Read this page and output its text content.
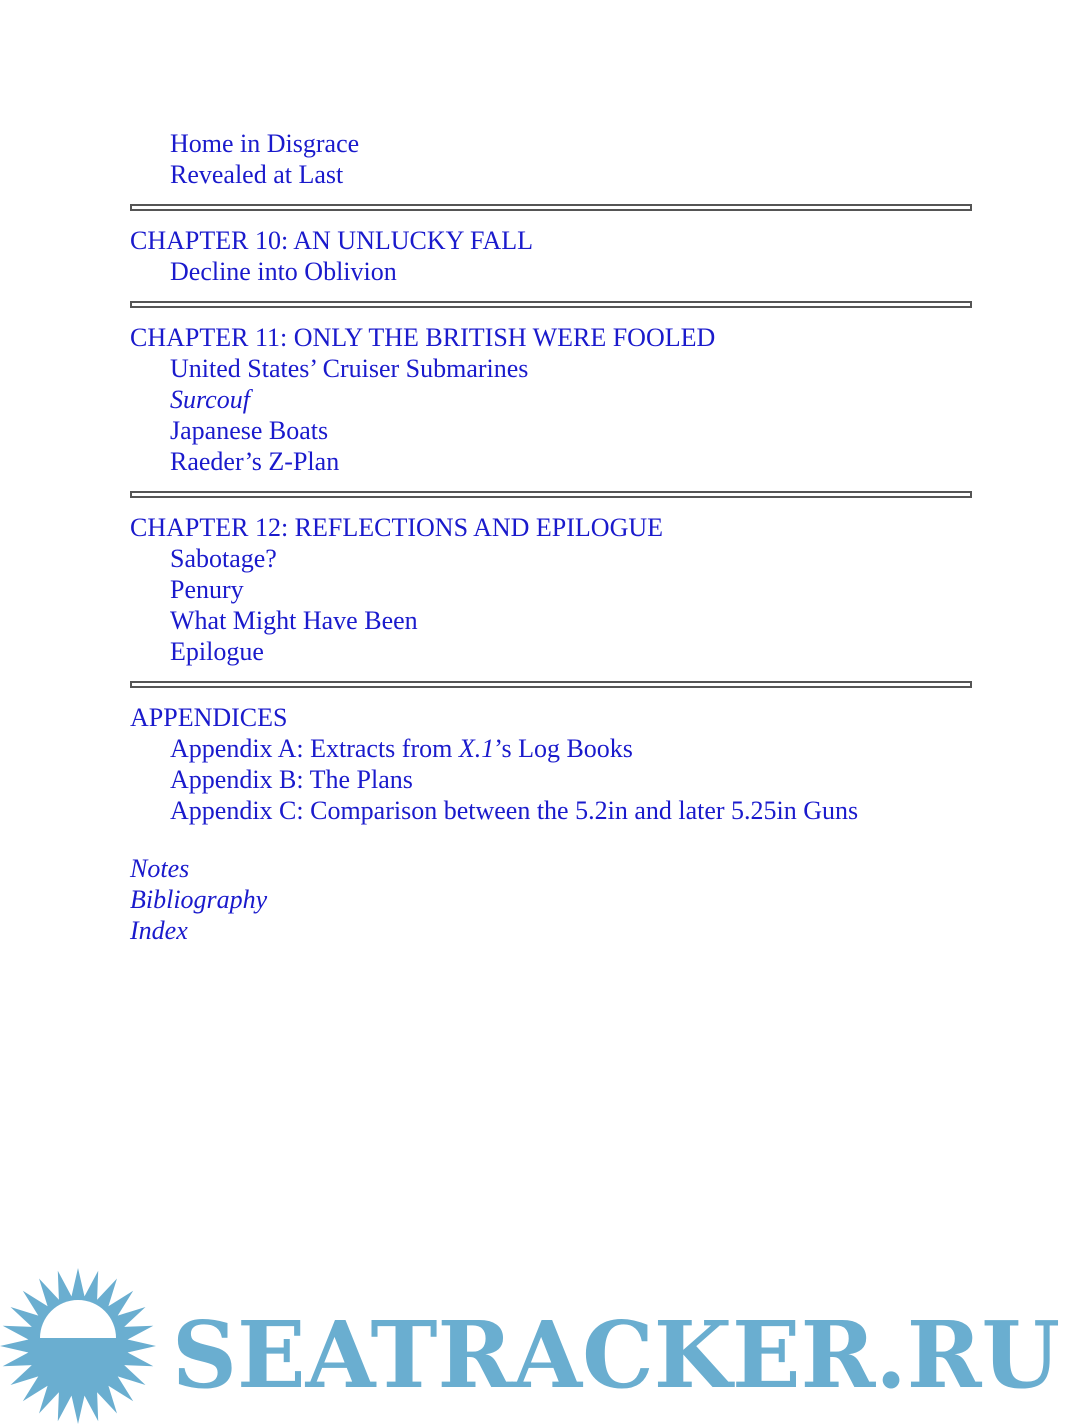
Home in Disgrace
Revealed at Last
CHAPTER 10: AN UNLUCKY FALL
Decline into Oblivion
CHAPTER 11: ONLY THE BRITISH WERE FOOLED
United States’ Cruiser Submarines
Surcouf
Japanese Boats
Raeder’s Z-Plan
CHAPTER 12: REFLECTIONS AND EPILOGUE
Sabotage?
Penury
What Might Have Been
Epilogue
APPENDICES
Appendix A: Extracts from X.1’s Log Books
Appendix B: The Plans
Appendix C: Comparison between the 5.2in and later 5.25in Guns
Notes
Bibliography
Index
SEATRACKER.RU
